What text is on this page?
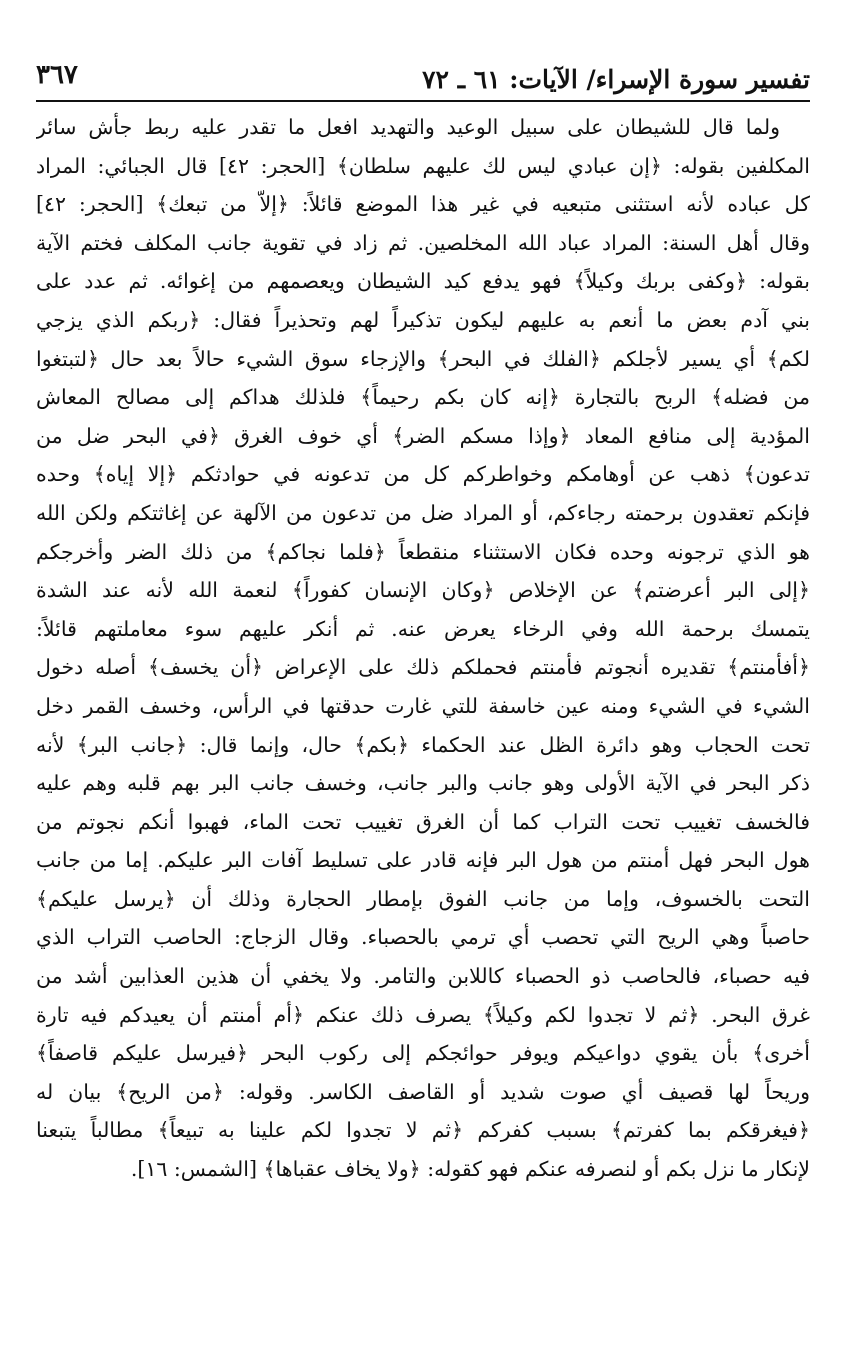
تفسير سورة الإسراء/ الآيات: ٦١ ـ ٧٢
٣٦٧
ولما قال للشيطان على سبيل الوعيد والتهديد افعل ما تقدر عليه ربط جأش سائر
المكلفين بقوله: ﴿إن عبادي ليس لك عليهم سلطان﴾ [الحجر: ٤٢] قال الجبائي: المراد
كل عباده لأنه استثنى متبعيه في غير هذا الموضع قائلاً: ﴿إلاّ من تبعك﴾ [الحجر: ٤٢]
وقال أهل السنة: المراد عباد الله المخلصين. ثم زاد في تقوية جانب المكلف فختم الآية
بقوله: ﴿وكفى بربك وكيلاً﴾ فهو يدفع كيد الشيطان ويعصمهم من إغوائه. ثم عدد على
بني آدم بعض ما أنعم به عليهم ليكون تذكيراً لهم وتحذيراً فقال: ﴿ربكم الذي يزجي
لكم﴾ أي يسير لأجلكم ﴿الفلك في البحر﴾ والإزجاء سوق الشيء حالاً بعد حال ﴿لتبتغوا
من فضله﴾ الربح بالتجارة ﴿إنه كان بكم رحيماً﴾ فلذلك هداكم إلى مصالح المعاش
المؤدية إلى منافع المعاد ﴿وإذا مسكم الضر﴾ أي خوف الغرق ﴿في البحر ضل من
تدعون﴾ ذهب عن أوهامكم وخواطركم كل من تدعونه في حوادثكم ﴿إلا إياه﴾ وحده
فإنكم تعقدون برحمته رجاءكم، أو المراد ضل من تدعون من الآلهة عن إغاثتكم ولكن الله
هو الذي ترجونه وحده فكان الاستثناء منقطعاً ﴿فلما نجاكم﴾ من ذلك الضر وأخرجكم
﴿إلى البر أعرضتم﴾ عن الإخلاص ﴿وكان الإنسان كفوراً﴾ لنعمة الله لأنه عند الشدة
يتمسك برحمة الله وفي الرخاء يعرض عنه. ثم أنكر عليهم سوء معاملتهم قائلاً:
﴿أفأمنتم﴾ تقديره أنجوتم فأمنتم فحملكم ذلك على الإعراض ﴿أن يخسف﴾ أصله دخول
الشيء في الشيء ومنه عين خاسفة للتي غارت حدقتها في الرأس، وخسف القمر دخل
تحت الحجاب وهو دائرة الظل عند الحكماء ﴿بكم﴾ حال، وإنما قال: ﴿جانب البر﴾ لأنه
ذكر البحر في الآية الأولى وهو جانب والبر جانب، وخسف جانب البر بهم قلبه وهم عليه
فالخسف تغييب تحت التراب كما أن الغرق تغييب تحت الماء، فهبوا أنكم نجوتم من
هول البحر فهل أمنتم من هول البر فإنه قادر على تسليط آفات البر عليكم. إما من جانب
التحت بالخسوف، وإما من جانب الفوق بإمطار الحجارة وذلك أن ﴿يرسل عليكم﴾
حاصباً وهي الريح التي تحصب أي ترمي بالحصباء. وقال الزجاج: الحاصب التراب الذي
فيه حصباء، فالحاصب ذو الحصباء كاللابن والتامر. ولا يخفي أن هذين العذابين أشد من
غرق البحر. ﴿ثم لا تجدوا لكم وكيلاً﴾ يصرف ذلك عنكم ﴿أم أمنتم أن يعيدكم فيه تارة
أخرى﴾ بأن يقوي دواعيكم ويوفر حوائجكم إلى ركوب البحر ﴿فيرسل عليكم قاصفاً﴾
وريحاً لها قصيف أي صوت شديد أو القاصف الكاسر. وقوله: ﴿من الريح﴾ بيان له
﴿فيغرقكم بما كفرتم﴾ بسبب كفركم ﴿ثم لا تجدوا لكم علينا به تبيعاً﴾ مطالباً يتبعنا
لإنكار ما نزل بكم أو لنصرفه عنكم فهو كقوله: ﴿ولا يخاف عقباها﴾ [الشمس: ١٦].
